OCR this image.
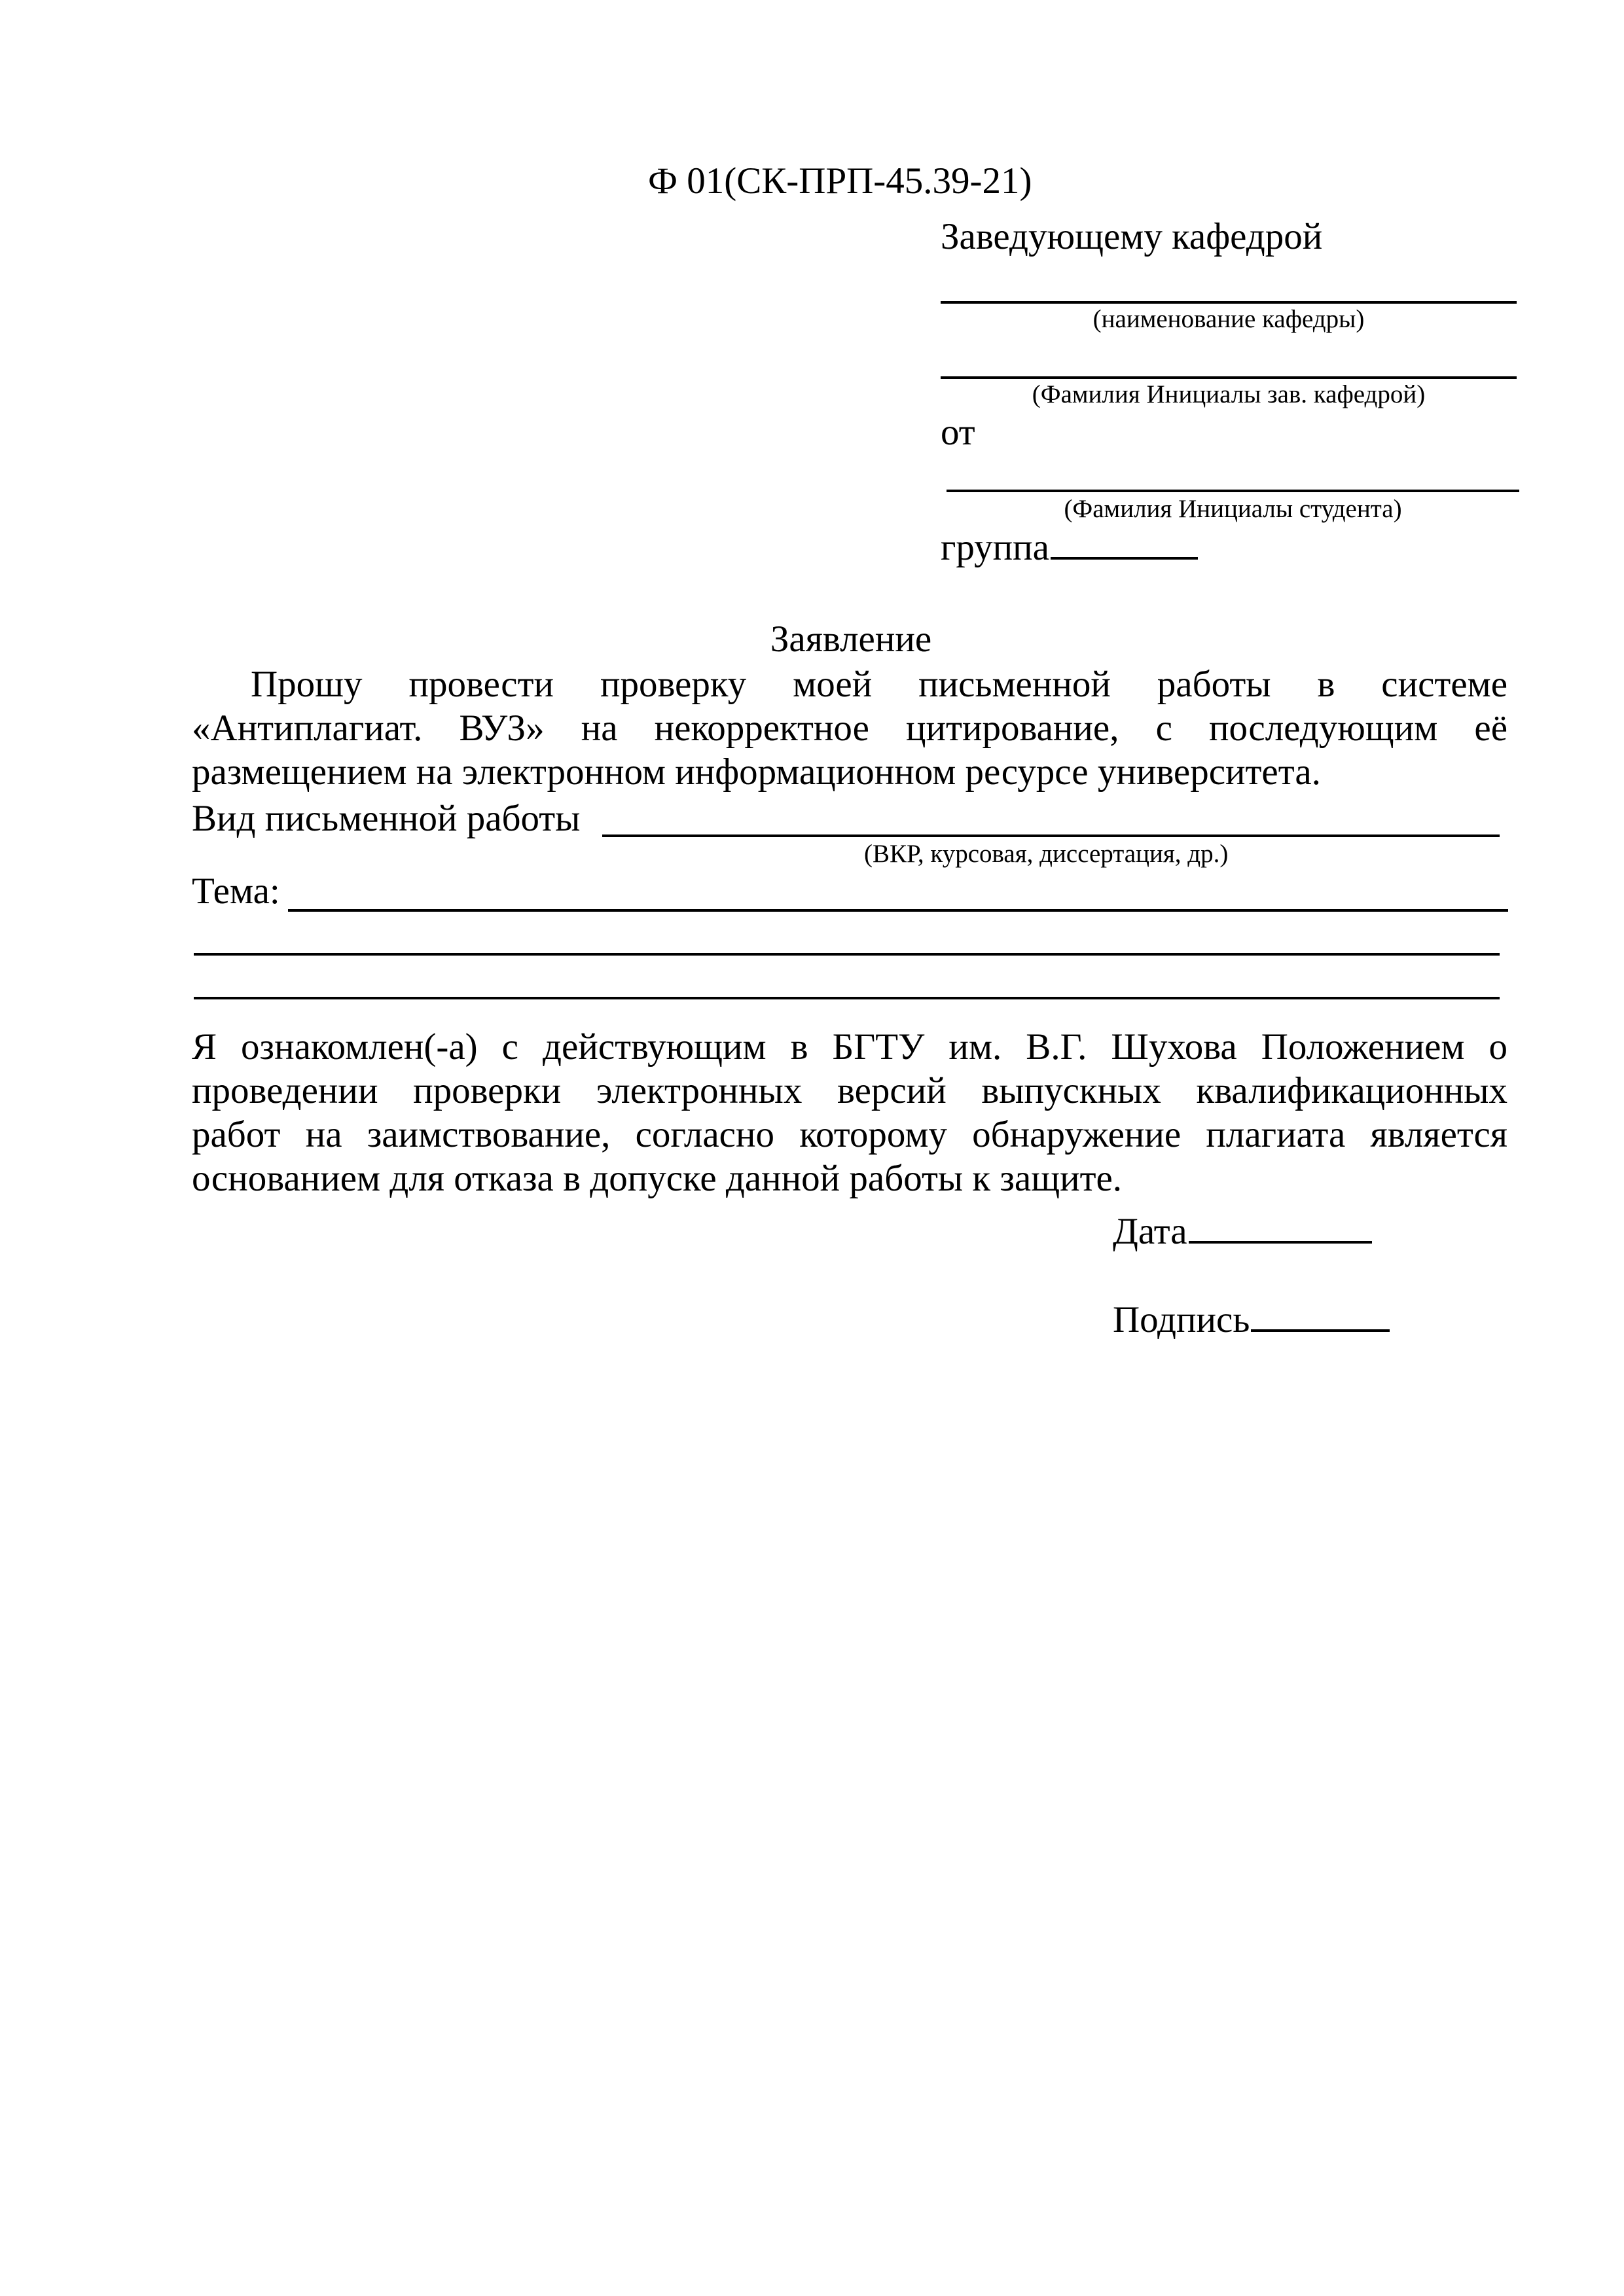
Ф 01(СК-ПРП-45.39-21)
Заведующему кафедрой
(наименование кафедры)
(Фамилия Инициалы зав. кафедрой)
от
(Фамилия Инициалы студента)
группа
Заявление
Прошу провести проверку моей письменной работы в системе
«Антиплагиат. ВУЗ» на некорректное цитирование, с последующим её
размещением на электронном информационном ресурсе университета.
Вид письменной работы
(ВКР, курсовая, диссертация, др.)
Тема:
Я ознакомлен(-а) с действующим в БГТУ им. В.Г. Шухова Положением о
проведении проверки электронных версий выпускных квалификационных
работ на заимствование, согласно которому обнаружение плагиата является
основанием для отказа в допуске данной работы к защите.
Дата
Подпись
